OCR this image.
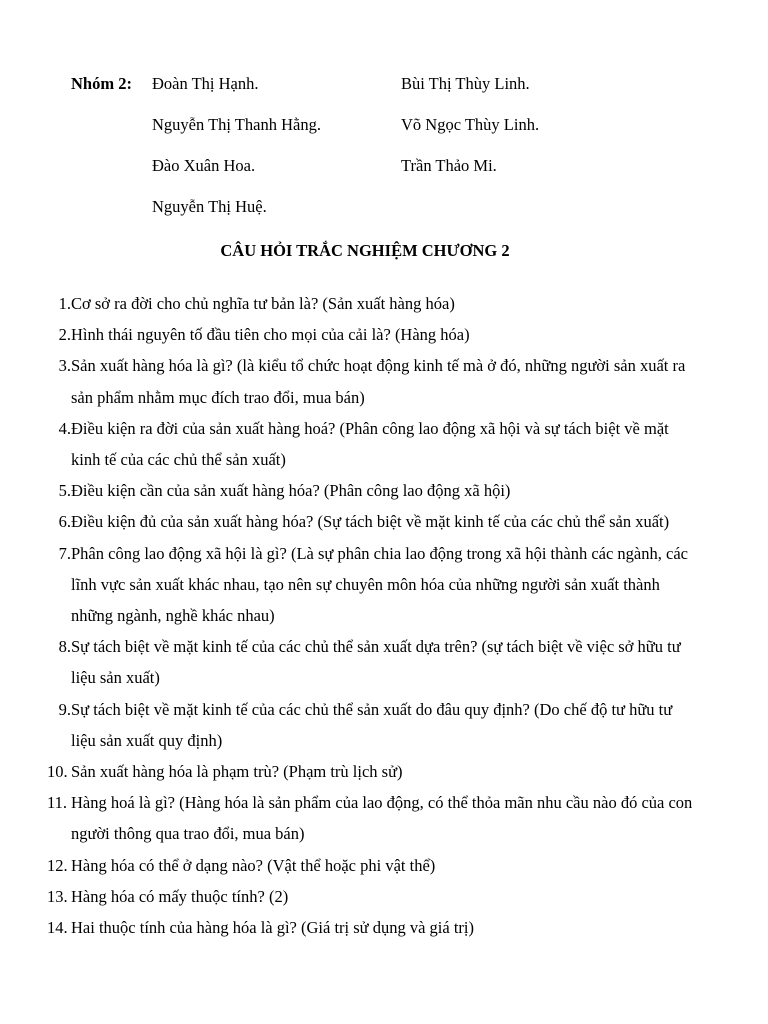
Nhóm 2: Đoàn Thị Hạnh.	Bùi Thị Thùy Linh.
Nguyễn Thị Thanh Hằng.	Võ Ngọc Thùy Linh.
Đào Xuân Hoa.	Trần Thảo Mi.
Nguyễn Thị Huệ.
CÂU HỎI TRẮC NGHIỆM CHƯƠNG 2
1. Cơ sở ra đời cho chủ nghĩa tư bản là? (Sản xuất hàng hóa)
2. Hình thái nguyên tố đầu tiên cho mọi của cải là? (Hàng hóa)
3. Sản xuất hàng hóa là gì? (là kiểu tổ chức hoạt động kinh tế mà ở đó, những người sản xuất ra sản phẩm nhằm mục đích trao đổi, mua bán)
4. Điều kiện ra đời của sản xuất hàng hoá? (Phân công lao động xã hội và sự tách biệt về mặt kinh tế của các chủ thể sản xuất)
5. Điều kiện cần của sản xuất hàng hóa? (Phân công lao động xã hội)
6. Điều kiện đủ của sản xuất hàng hóa? (Sự tách biệt về mặt kinh tế của các chủ thể sản xuất)
7. Phân công lao động xã hội là gì? (Là sự phân chia lao động trong xã hội thành các ngành, các lĩnh vực sản xuất khác nhau, tạo nên sự chuyên môn hóa của những người sản xuất thành những ngành, nghề khác nhau)
8. Sự tách biệt về mặt kinh tế của các chủ thể sản xuất dựa trên? (sự tách biệt về việc sở hữu tư liệu sản xuất)
9. Sự tách biệt về mặt kinh tế của các chủ thể sản xuất do đâu quy định? (Do chế độ tư hữu tư liệu sản xuất quy định)
10. Sản xuất hàng hóa là phạm trù? (Phạm trù lịch sử)
11. Hàng hoá là gì? (Hàng hóa là sản phẩm của lao động, có thể thỏa mãn nhu cầu nào đó của con người thông qua trao đổi, mua bán)
12. Hàng hóa có thể ở dạng nào? (Vật thể hoặc phi vật thể)
13. Hàng hóa có mấy thuộc tính? (2)
14. Hai thuộc tính của hàng hóa là gì? (Giá trị sử dụng và giá trị)
